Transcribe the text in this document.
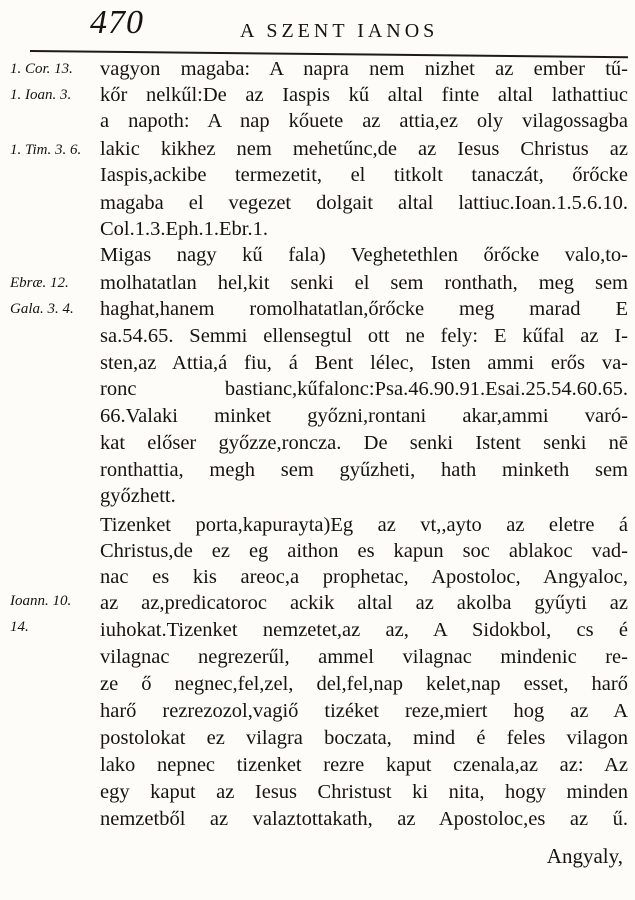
470	A SZENT IANOS
1. Cor. 13.
1. Ioan. 3.
1. Tim. 3. 6.
Ebræ. 12.
Gala. 3. 4.
Ioann. 10.
14.
vagyon magaba: A napra nem nizhet az ember tű-
kőr nelkűl:De az Iaspis kű altal finte altal lathattiuc
a napoth: A nap kőuete az attia,ez oly vilagossagba
lakic kikhez nem mehetűnc,de az Iesus Christus az
Iaspis,ackibe termezetit, el titkolt tanaczát, őrőcke
magaba el vegezet dolgait altal lattiuc.Ioan.1.5.6.10.
Col.1.3.Eph.1.Ebr.1.
Migas nagy kű fala) Veghetethlen őrőcke valo,to-
molhatatlan hel,kit senki el sem ronthath, meg sem
haghat,hanem romolhatatlan,őrőcke meg marad E
sa.54.65. Semmi ellensegtul ott ne fely: E kűfal az I-
sten,az Attia,á fiu, á Bent lélec, Isten ammi erős va-
ronc bastianc,kűfalonc:Psa.46.90.91.Esai.25.54.60.65.
66.Valaki minket győzni,rontani akar,ammi varó-
kat előser győzze,roncza. De senki Istent senki nē
ronthattia, megh sem gyűzheti, hath minketh sem
győzhett.
Tizenket porta,kapurayta)Eg az vt,,ayto az eletre á
Christus,de ez eg aithon es kapun soc ablakoc vad-
nac es kis areoc,a prophetac, Apostoloc, Angyaloc,
az az,predicatoroc ackik altal az akolba gyűyti az
iuhokat.Tizenket nemzetet,az az, A Sidokbol, cs é
vilagnac negrezerűl, ammel vilagnac mindenic re-
ze ő negnec,fel,zel, del,fel,nap kelet,nap esset, harő
harő rezrezozol,vagiő tizéket reze,miert hog az A
postolokat ez vilagra boczata, mind é feles vilagon
lako nepnec tizenket rezre kaput czenala,az az: Az
egy kaput az Iesus Christust ki nita, hogy minden
nemzetből az valaztottakath, az Apostoloc,es az ű.
Angyaly,
